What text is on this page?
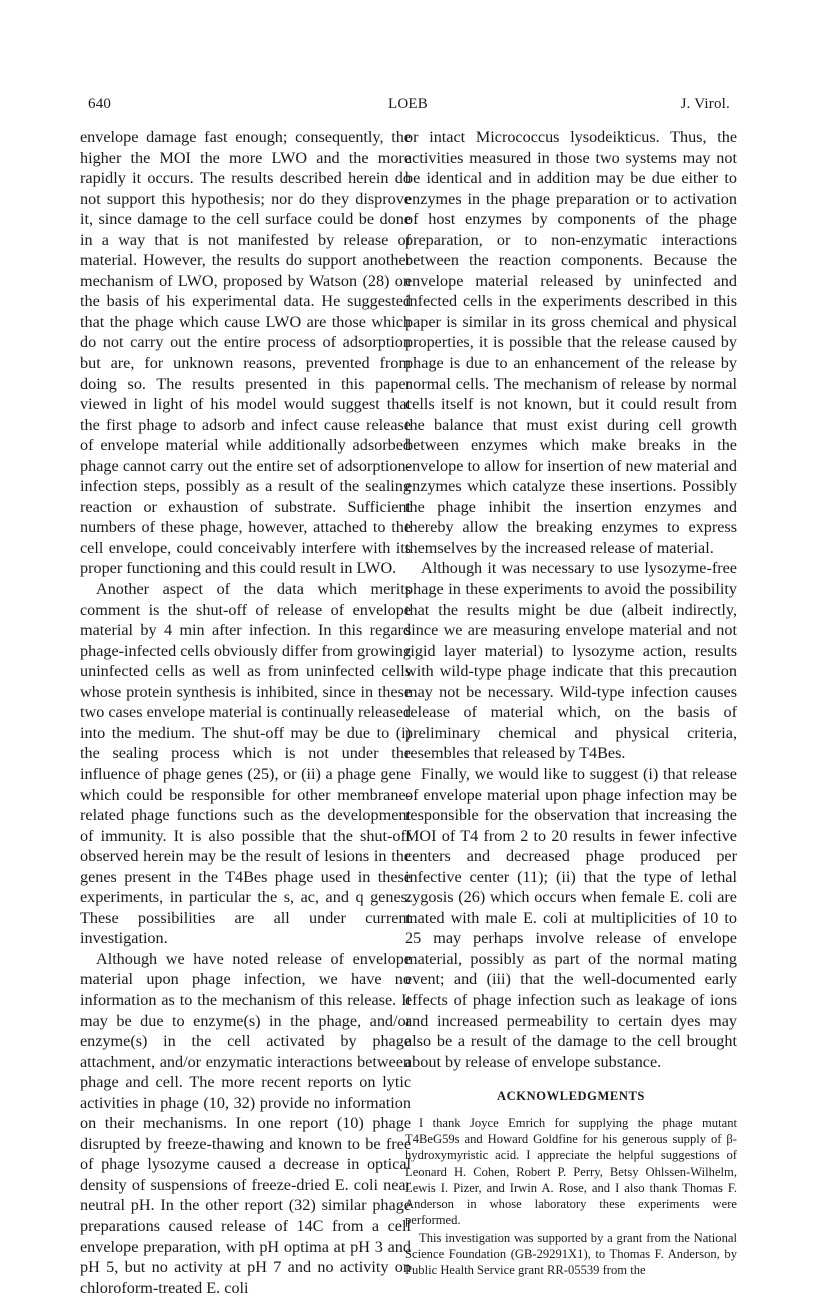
640	LOEB	J. Virol.

envelope damage fast enough; consequently, the higher the MOI the more LWO and the more rapidly it occurs. The results described herein do not support this hypothesis; nor do they disprove it, since damage to the cell surface could be done in a way that is not manifested by release of material. However, the results do support another mechanism of LWO, proposed by Watson (28) on the basis of his experimental data. He suggested that the phage which cause LWO are those which do not carry out the entire process of adsorption but are, for unknown reasons, prevented from doing so. The results presented in this paper viewed in light of his model would suggest that the first phage to adsorb and infect cause release of envelope material while additionally adsorbed phage cannot carry out the entire set of adsorption-infection steps, possibly as a result of the sealing reaction or exhaustion of substrate. Sufficient numbers of these phage, however, attached to the cell envelope, could conceivably interfere with its proper functioning and this could result in LWO.

Another aspect of the data which merits comment is the shut-off of release of envelope material by 4 min after infection. In this regard phage-infected cells obviously differ from growing uninfected cells as well as from uninfected cells whose protein synthesis is inhibited, since in these two cases envelope material is continually released into the medium. The shut-off may be due to (i) the sealing process which is not under the influence of phage genes (25), or (ii) a phage gene which could be responsible for other membrane-related phage functions such as the development of immunity. It is also possible that the shut-off observed herein may be the result of lesions in the genes present in the T4Bes phage used in these experiments, in particular the s, ac, and q genes. These possibilities are all under current investigation.

Although we have noted release of envelope material upon phage infection, we have no information as to the mechanism of this release. It may be due to enzyme(s) in the phage, and/or enzyme(s) in the cell activated by phage attachment, and/or enzymatic interactions between phage and cell. The more recent reports on lytic activities in phage (10, 32) provide no information on their mechanisms. In one report (10) phage disrupted by freeze-thawing and known to be free of phage lysozyme caused a decrease in optical density of suspensions of freeze-dried E. coli near neutral pH. In the other report (32) similar phage preparations caused release of 14C from a cell envelope preparation, with pH optima at pH 3 and pH 5, but no activity at pH 7 and no activity on chloroform-treated E. coli

or intact Micrococcus lysodeikticus. Thus, the activities measured in those two systems may not be identical and in addition may be due either to enzymes in the phage preparation or to activation of host enzymes by components of the phage preparation, or to non-enzymatic interactions between the reaction components. Because the envelope material released by uninfected and infected cells in the experiments described in this paper is similar in its gross chemical and physical properties, it is possible that the release caused by phage is due to an enhancement of the release by normal cells. The mechanism of release by normal cells itself is not known, but it could result from the balance that must exist during cell growth between enzymes which make breaks in the envelope to allow for insertion of new material and enzymes which catalyze these insertions. Possibly the phage inhibit the insertion enzymes and thereby allow the breaking enzymes to express themselves by the increased release of material.

Although it was necessary to use lysozyme-free phage in these experiments to avoid the possibility that the results might be due (albeit indirectly, since we are measuring envelope material and not rigid layer material) to lysozyme action, results with wild-type phage indicate that this precaution may not be necessary. Wild-type infection causes release of material which, on the basis of preliminary chemical and physical criteria, resembles that released by T4Bes.

Finally, we would like to suggest (i) that release of envelope material upon phage infection may be responsible for the observation that increasing the MOI of T4 from 2 to 20 results in fewer infective centers and decreased phage produced per infective center (11); (ii) that the type of lethal zygosis (26) which occurs when female E. coli are mated with male E. coli at multiplicities of 10 to 25 may perhaps involve release of envelope material, possibly as part of the normal mating event; and (iii) that the well-documented early effects of phage infection such as leakage of ions and increased permeability to certain dyes may also be a result of the damage to the cell brought about by release of envelope substance.

ACKNOWLEDGMENTS

I thank Joyce Emrich for supplying the phage mutant T4BeG59s and Howard Goldfine for his generous supply of β-hydroxymyristic acid. I appreciate the helpful suggestions of Leonard H. Cohen, Robert P. Perry, Betsy Ohlssen-Wilhelm, Lewis I. Pizer, and Irwin A. Rose, and I also thank Thomas F. Anderson in whose laboratory these experiments were performed.

This investigation was supported by a grant from the National Science Foundation (GB-29291X1), to Thomas F. Anderson, by Public Health Service grant RR-05539 from the
